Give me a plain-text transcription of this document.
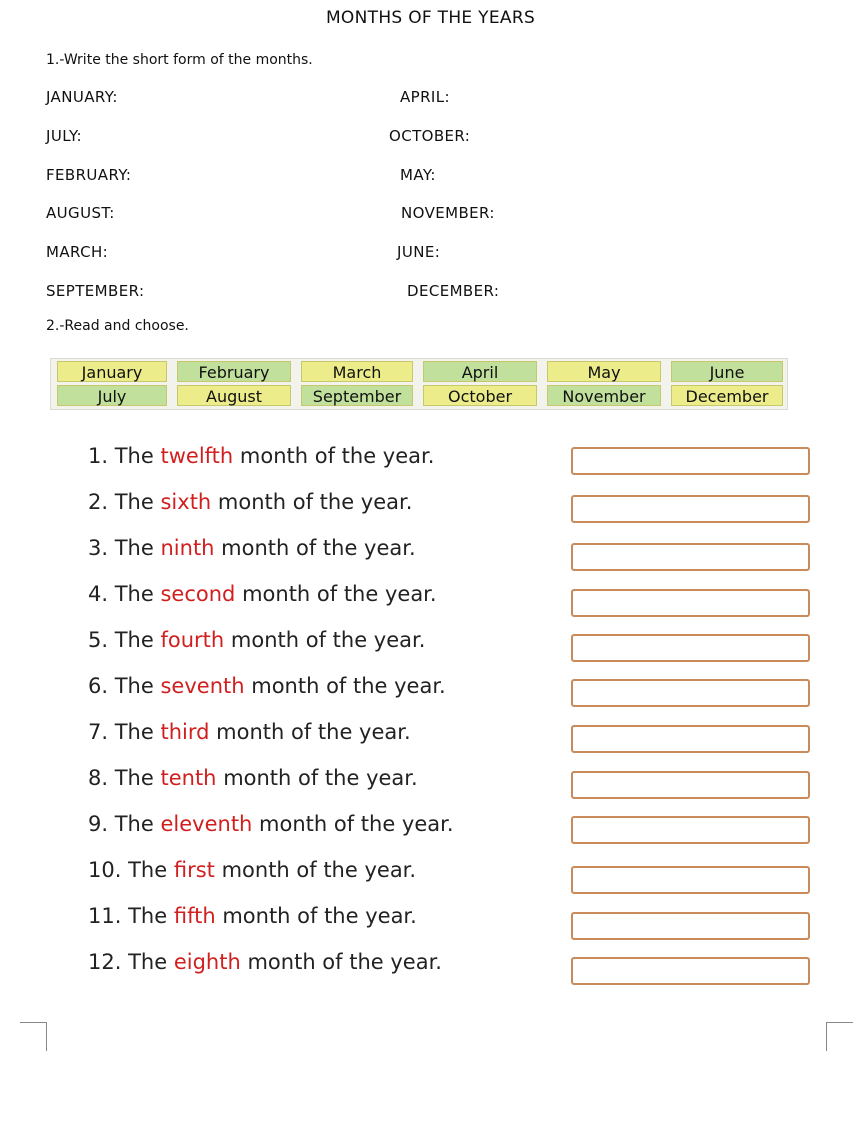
MONTHS OF THE YEARS
1.-Write the short form of the months.
JANUARY:	APRIL:
JULY:	OCTOBER:
FEBRUARY:	MAY:
AUGUST:	NOVEMBER:
MARCH:	JUNE:
SEPTEMBER:	DECEMBER:
2.-Read and choose.
January	February	March	April	May	June
July	August	September	October	November	December
1. The twelfth month of the year.
2. The sixth month of the year.
3. The ninth month of the year.
4. The second month of the year.
5. The fourth month of the year.
6. The seventh month of the year.
7. The third month of the year.
8. The tenth month of the year.
9. The eleventh month of the year.
10. The first month of the year.
11. The fifth month of the year.
12. The eighth month of the year.
